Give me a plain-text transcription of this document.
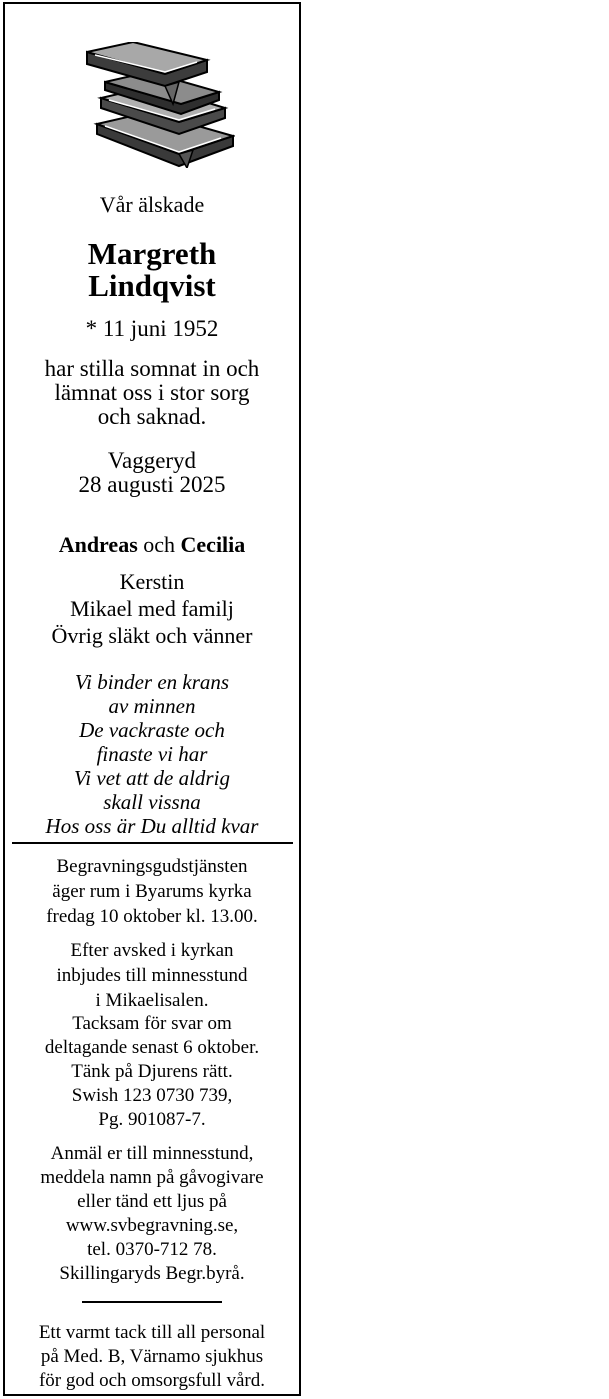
Vår älskade
Margreth
Lindqvist
* 11 juni 1952
har stilla somnat in och
lämnat oss i stor sorg
och saknad.
Vaggeryd
28 augusti 2025
Andreas och Cecilia
Kerstin
Mikael med familj
Övrig släkt och vänner
Vi binder en krans
av minnen
De vackraste och
finaste vi har
Vi vet att de aldrig
skall vissna
Hos oss är Du alltid kvar
Begravningsgudstjänsten
äger rum i Byarums kyrka
fredag 10 oktober kl. 13.00.
Efter avsked i kyrkan
inbjudes till minnesstund
i Mikaelisalen.
Tacksam för svar om
deltagande senast 6 oktober.
Tänk på Djurens rätt.
Swish 123 0730 739,
Pg. 901087-7.
Anmäl er till minnesstund,
meddela namn på gåvogivare
eller tänd ett ljus på
www.svbegravning.se,
tel. 0370-712 78.
Skillingaryds Begr.byrå.
Ett varmt tack till all personal
på Med. B, Värnamo sjukhus
för god och omsorgsfull vård.
